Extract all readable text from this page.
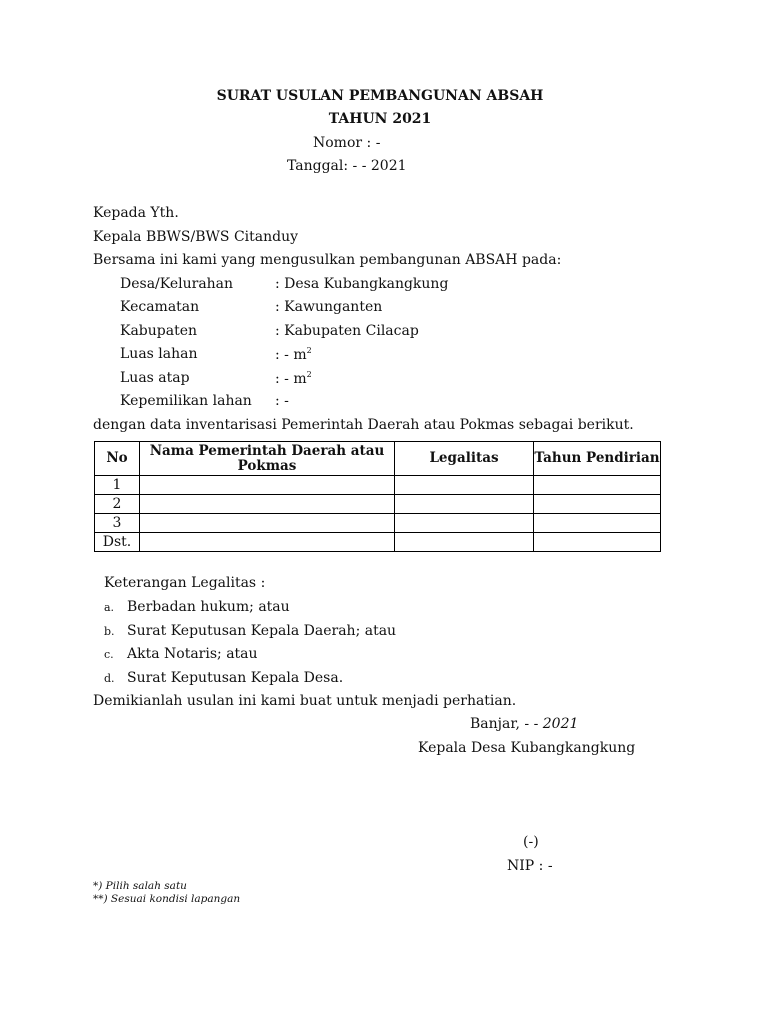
SURAT USULAN PEMBANGUNAN ABSAH
TAHUN 2021
Nomor : -
Tanggal: - - 2021
Kepada Yth.
Kepala BBWS/BWS Citanduy
Bersama ini kami yang mengusulkan pembangunan ABSAH pada:
Desa/Kelurahan	: Desa Kubangkangkung
Kecamatan	: Kawunganten
Kabupaten	: Kabupaten Cilacap
Luas lahan	: - $m^2$
Luas atap	: - $m^2$
Kepemilikan lahan : -
dengan data inventarisasi Pemerintah Daerah atau Pokmas sebagai berikut.
No	Nama Pemerintah Daerah atau Pokmas	Legalitas	Tahun Pendirian
1			
2			
3			
Dst.			
Keterangan Legalitas :
a. Berbadan hukum; atau
b. Surat Keputusan Kepala Daerah; atau
c. Akta Notaris; atau
d. Surat Keputusan Kepala Desa.
Demikianlah usulan ini kami buat untuk menjadi perhatian.
Banjar, - - 2021
Kepala Desa Kubangkangkung
(-)
NIP : -
*) Pilih salah satu
**) Sesuai kondisi lapangan
